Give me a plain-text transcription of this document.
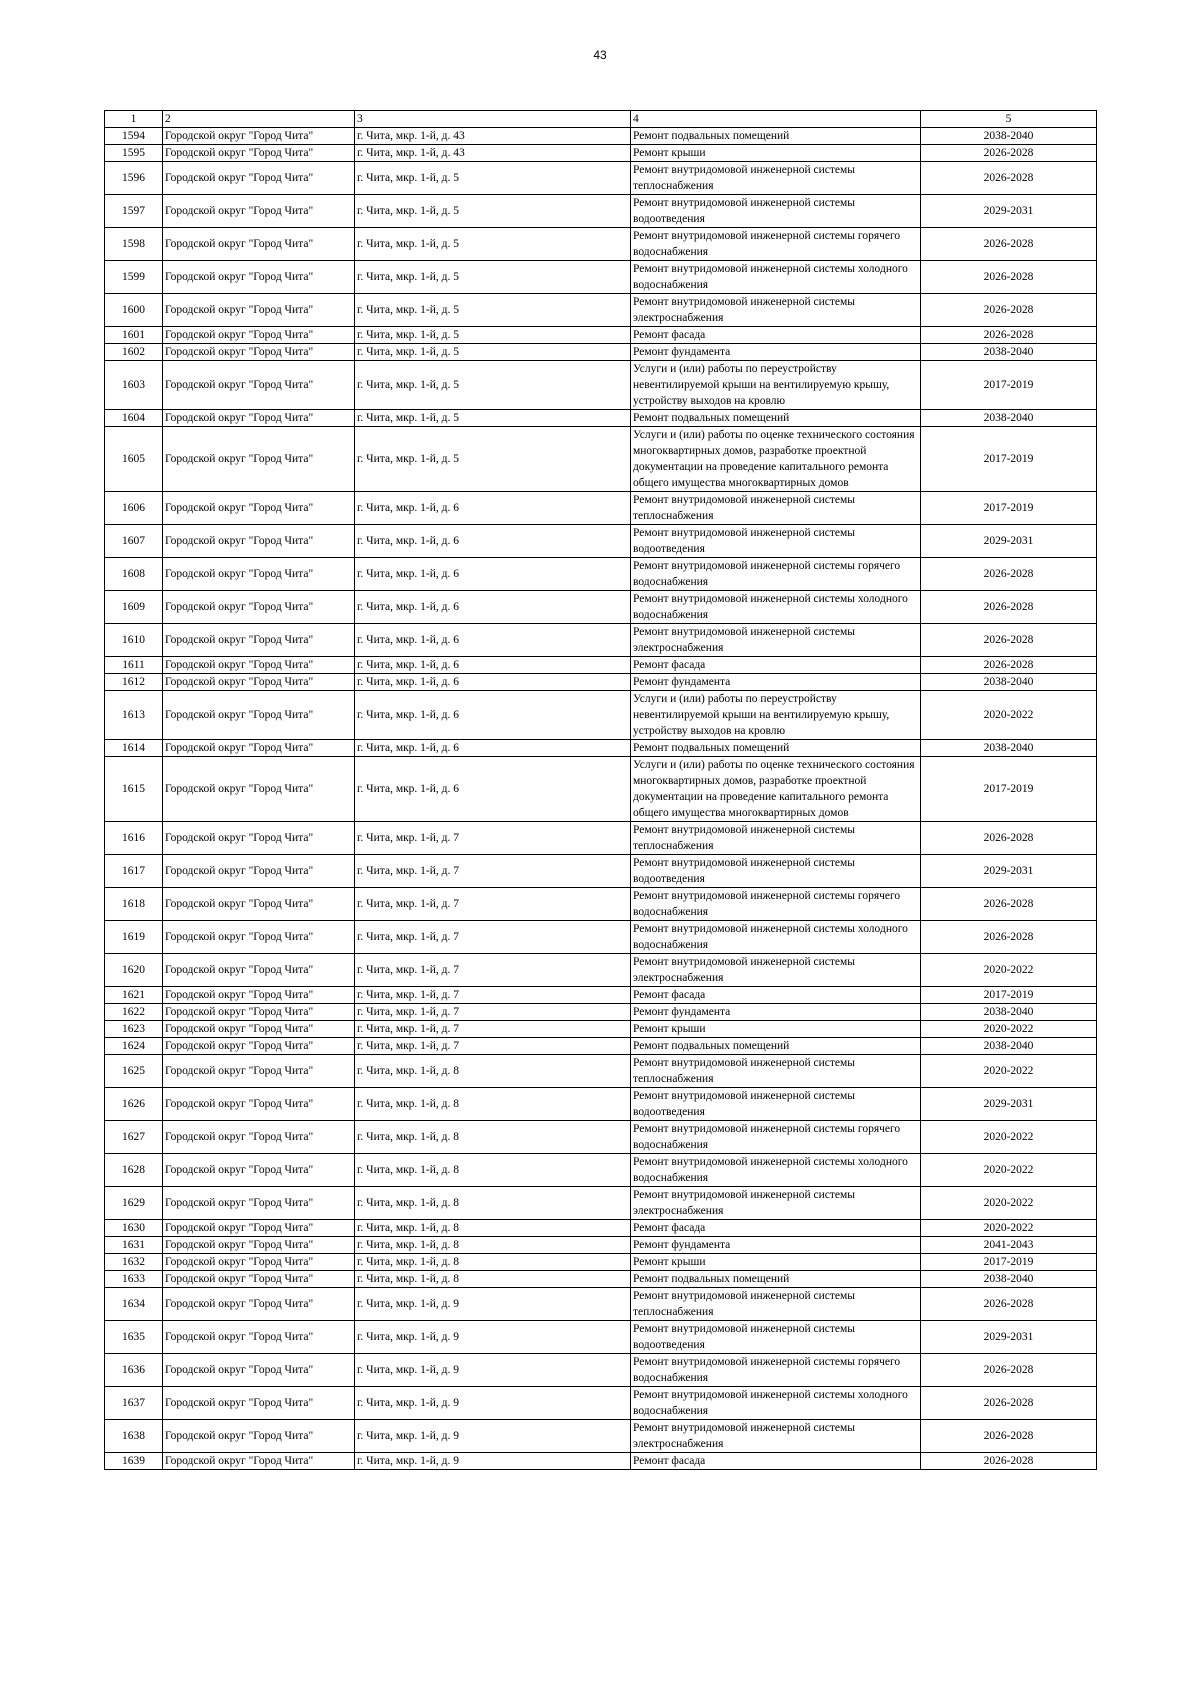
43
1	2	3	4	5
1594	Городской округ "Город Чита"	г. Чита, мкр. 1-й, д. 43	Ремонт подвальных помещений	2038-2040
1595	Городской округ "Город Чита"	г. Чита, мкр. 1-й, д. 43	Ремонт крыши	2026-2028
1596	Городской округ "Город Чита"	г. Чита, мкр. 1-й, д. 5	Ремонт внутридомовой инженерной системы теплоснабжения	2026-2028
1597	Городской округ "Город Чита"	г. Чита, мкр. 1-й, д. 5	Ремонт внутридомовой инженерной системы водоотведения	2029-2031
1598	Городской округ "Город Чита"	г. Чита, мкр. 1-й, д. 5	Ремонт внутридомовой инженерной системы горячего водоснабжения	2026-2028
1599	Городской округ "Город Чита"	г. Чита, мкр. 1-й, д. 5	Ремонт внутридомовой инженерной системы холодного водоснабжения	2026-2028
1600	Городской округ "Город Чита"	г. Чита, мкр. 1-й, д. 5	Ремонт внутридомовой инженерной системы электроснабжения	2026-2028
1601	Городской округ "Город Чита"	г. Чита, мкр. 1-й, д. 5	Ремонт фасада	2026-2028
1602	Городской округ "Город Чита"	г. Чита, мкр. 1-й, д. 5	Ремонт фундамента	2038-2040
1603	Городской округ "Город Чита"	г. Чита, мкр. 1-й, д. 5	Услуги и (или) работы по переустройству невентилируемой крыши на вентилируемую крышу, устройству выходов на кровлю	2017-2019
1604	Городской округ "Город Чита"	г. Чита, мкр. 1-й, д. 5	Ремонт подвальных помещений	2038-2040
1605	Городской округ "Город Чита"	г. Чита, мкр. 1-й, д. 5	Услуги и (или) работы по оценке технического состояния многоквартирных домов, разработке проектной документации на проведение капитального ремонта общего имущества многоквартирных домов	2017-2019
1606	Городской округ "Город Чита"	г. Чита, мкр. 1-й, д. 6	Ремонт внутридомовой инженерной системы теплоснабжения	2017-2019
1607	Городской округ "Город Чита"	г. Чита, мкр. 1-й, д. 6	Ремонт внутридомовой инженерной системы водоотведения	2029-2031
1608	Городской округ "Город Чита"	г. Чита, мкр. 1-й, д. 6	Ремонт внутридомовой инженерной системы горячего водоснабжения	2026-2028
1609	Городской округ "Город Чита"	г. Чита, мкр. 1-й, д. 6	Ремонт внутридомовой инженерной системы холодного водоснабжения	2026-2028
1610	Городской округ "Город Чита"	г. Чита, мкр. 1-й, д. 6	Ремонт внутридомовой инженерной системы электроснабжения	2026-2028
1611	Городской округ "Город Чита"	г. Чита, мкр. 1-й, д. 6	Ремонт фасада	2026-2028
1612	Городской округ "Город Чита"	г. Чита, мкр. 1-й, д. 6	Ремонт фундамента	2038-2040
1613	Городской округ "Город Чита"	г. Чита, мкр. 1-й, д. 6	Услуги и (или) работы по переустройству невентилируемой крыши на вентилируемую крышу, устройству выходов на кровлю	2020-2022
1614	Городской округ "Город Чита"	г. Чита, мкр. 1-й, д. 6	Ремонт подвальных помещений	2038-2040
1615	Городской округ "Город Чита"	г. Чита, мкр. 1-й, д. 6	Услуги и (или) работы по оценке технического состояния многоквартирных домов, разработке проектной документации на проведение капитального ремонта общего имущества многоквартирных домов	2017-2019
1616	Городской округ "Город Чита"	г. Чита, мкр. 1-й, д. 7	Ремонт внутридомовой инженерной системы теплоснабжения	2026-2028
1617	Городской округ "Город Чита"	г. Чита, мкр. 1-й, д. 7	Ремонт внутридомовой инженерной системы водоотведения	2029-2031
1618	Городской округ "Город Чита"	г. Чита, мкр. 1-й, д. 7	Ремонт внутридомовой инженерной системы горячего водоснабжения	2026-2028
1619	Городской округ "Город Чита"	г. Чита, мкр. 1-й, д. 7	Ремонт внутридомовой инженерной системы холодного водоснабжения	2026-2028
1620	Городской округ "Город Чита"	г. Чита, мкр. 1-й, д. 7	Ремонт внутридомовой инженерной системы электроснабжения	2020-2022
1621	Городской округ "Город Чита"	г. Чита, мкр. 1-й, д. 7	Ремонт фасада	2017-2019
1622	Городской округ "Город Чита"	г. Чита, мкр. 1-й, д. 7	Ремонт фундамента	2038-2040
1623	Городской округ "Город Чита"	г. Чита, мкр. 1-й, д. 7	Ремонт крыши	2020-2022
1624	Городской округ "Город Чита"	г. Чита, мкр. 1-й, д. 7	Ремонт подвальных помещений	2038-2040
1625	Городской округ "Город Чита"	г. Чита, мкр. 1-й, д. 8	Ремонт внутридомовой инженерной системы теплоснабжения	2020-2022
1626	Городской округ "Город Чита"	г. Чита, мкр. 1-й, д. 8	Ремонт внутридомовой инженерной системы водоотведения	2029-2031
1627	Городской округ "Город Чита"	г. Чита, мкр. 1-й, д. 8	Ремонт внутридомовой инженерной системы горячего водоснабжения	2020-2022
1628	Городской округ "Город Чита"	г. Чита, мкр. 1-й, д. 8	Ремонт внутридомовой инженерной системы холодного водоснабжения	2020-2022
1629	Городской округ "Город Чита"	г. Чита, мкр. 1-й, д. 8	Ремонт внутридомовой инженерной системы электроснабжения	2020-2022
1630	Городской округ "Город Чита"	г. Чита, мкр. 1-й, д. 8	Ремонт фасада	2020-2022
1631	Городской округ "Город Чита"	г. Чита, мкр. 1-й, д. 8	Ремонт фундамента	2041-2043
1632	Городской округ "Город Чита"	г. Чита, мкр. 1-й, д. 8	Ремонт крыши	2017-2019
1633	Городской округ "Город Чита"	г. Чита, мкр. 1-й, д. 8	Ремонт подвальных помещений	2038-2040
1634	Городской округ "Город Чита"	г. Чита, мкр. 1-й, д. 9	Ремонт внутридомовой инженерной системы теплоснабжения	2026-2028
1635	Городской округ "Город Чита"	г. Чита, мкр. 1-й, д. 9	Ремонт внутридомовой инженерной системы водоотведения	2029-2031
1636	Городской округ "Город Чита"	г. Чита, мкр. 1-й, д. 9	Ремонт внутридомовой инженерной системы горячего водоснабжения	2026-2028
1637	Городской округ "Город Чита"	г. Чита, мкр. 1-й, д. 9	Ремонт внутридомовой инженерной системы холодного водоснабжения	2026-2028
1638	Городской округ "Город Чита"	г. Чита, мкр. 1-й, д. 9	Ремонт внутридомовой инженерной системы электроснабжения	2026-2028
1639	Городской округ "Город Чита"	г. Чита, мкр. 1-й, д. 9	Ремонт фасада	2026-2028
